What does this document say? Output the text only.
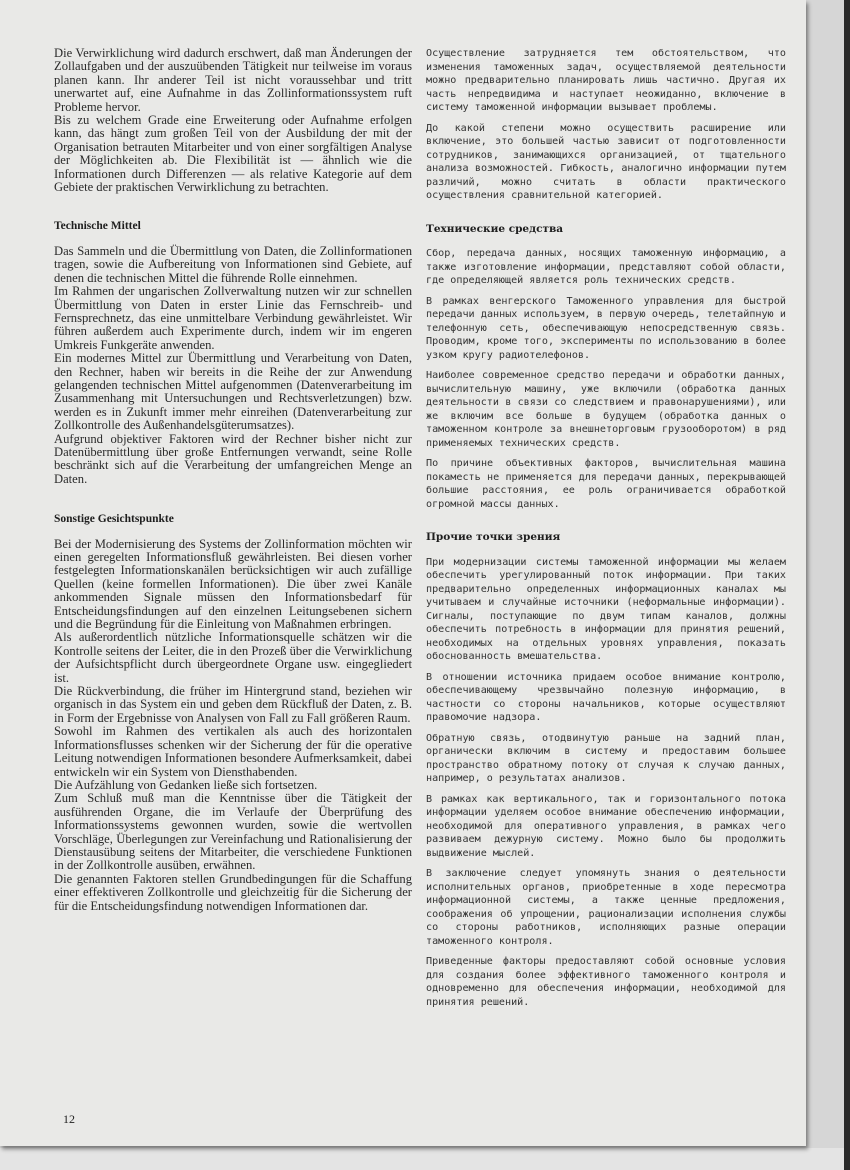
Die Verwirklichung wird dadurch erschwert, daß man Änderungen der Zollaufgaben und der auszuübenden Tätigkeit nur teilweise im voraus planen kann. Ihr anderer Teil ist nicht voraussehbar und tritt unerwartet auf, eine Aufnahme in das Zollinformationssystem ruft Probleme hervor.

Bis zu welchem Grade eine Erweiterung oder Aufnahme erfolgen kann, das hängt zum großen Teil von der Ausbildung der mit der Organisation betrauten Mitarbeiter und von einer sorgfältigen Analyse der Möglichkeiten ab. Die Flexibilität ist — ähnlich wie die Informationen durch Differenzen — als relative Kategorie auf dem Gebiete der praktischen Verwirklichung zu betrachten.

Technische Mittel

Das Sammeln und die Übermittlung von Daten, die Zollinformationen tragen, sowie die Aufbereitung von Informationen sind Gebiete, auf denen die technischen Mittel die führende Rolle einnehmen.

Im Rahmen der ungarischen Zollverwaltung nutzen wir zur schnellen Übermittlung von Daten in erster Linie das Fernschreib- und Fernsprechnetz, das eine unmittelbare Verbindung gewährleistet. Wir führen außerdem auch Experimente durch, indem wir im engeren Umkreis Funkgeräte anwenden.

Ein modernes Mittel zur Übermittlung und Verarbeitung von Daten, den Rechner, haben wir bereits in die Reihe der zur Anwendung gelangenden technischen Mittel aufgenommen (Datenverarbeitung im Zusammenhang mit Untersuchungen und Rechtsverletzungen) bzw. werden es in Zukunft immer mehr einreihen (Datenverarbeitung zur Zollkontrolle des Außenhandelsgüterumsatzes).

Aufgrund objektiver Faktoren wird der Rechner bisher nicht zur Datenübermittlung über große Entfernungen verwandt, seine Rolle beschränkt sich auf die Verarbeitung der umfangreichen Menge an Daten.

Sonstige Gesichtspunkte

Bei der Modernisierung des Systems der Zollinformation möchten wir einen geregelten Informationsfluß gewährleisten. Bei diesen vorher festgelegten Informationskanälen berücksichtigen wir auch zufällige Quellen (keine formellen Informationen). Die über zwei Kanäle ankommenden Signale müssen den Informationsbedarf für Entscheidungsfindungen auf den einzelnen Leitungsebenen sichern und die Begründung für die Einleitung von Maßnahmen erbringen.

Als außerordentlich nützliche Informationsquelle schätzen wir die Kontrolle seitens der Leiter, die in den Prozeß über die Verwirklichung der Aufsichtspflicht durch übergeordnete Organe usw. eingegliedert ist.

Die Rückverbindung, die früher im Hintergrund stand, beziehen wir organisch in das System ein und geben dem Rückfluß der Daten, z. B. in Form der Ergebnisse von Analysen von Fall zu Fall größeren Raum.

Sowohl im Rahmen des vertikalen als auch des horizontalen Informationsflusses schenken wir der Sicherung der für die operative Leitung notwendigen Informationen besondere Aufmerksamkeit, dabei entwickeln wir ein System von Diensthabenden.

Die Aufzählung von Gedanken ließe sich fortsetzen.

Zum Schluß muß man die Kenntnisse über die Tätigkeit der ausführenden Organe, die im Verlaufe der Überprüfung des Informationssystems gewonnen wurden, sowie die wertvollen Vorschläge, Überlegungen zur Vereinfachung und Rationalisierung der Dienstausübung seitens der Mitarbeiter, die verschiedene Funktionen in der Zollkontrolle ausüben, erwähnen.

Die genannten Faktoren stellen Grundbedingungen für die Schaffung einer effektiveren Zollkontrolle und gleichzeitig für die Sicherung der für die Entscheidungsfindung notwendigen Informationen dar.

Осуществление затрудняется тем обстоятельством, что изменения таможенных задач, осуществляемой деятельности можно предварительно планировать лишь частично. Другая их часть непредвидима и наступает неожиданно, включение в систему таможенной информации вызывает проблемы.

До какой степени можно осуществить расширение или включение, это большей частью зависит от подготовленности сотрудников, занимающихся организацией, от тщательного анализа возможностей. Гибкость, аналогично информации путем различий, можно считать в области практического осуществления сравнительной категорией.

Технические средства

Сбор, передача данных, носящих таможенную информацию, а также изготовление информации, представляют собой области, где определяющей является роль технических средств.

В рамках венгерского Таможенного управления для быстрой передачи данных используем, в первую очередь, телетайпную и телефонную сеть, обеспечивающую непосредственную связь. Проводим, кроме того, эксперименты по использованию в более узком кругу радиотелефонов.

Наиболее современное средство передачи и обработки данных, вычислительную машину, уже включили (обработка данных деятельности в связи со следствием и правонарушениями), или же включим все больше в будущем (обработка данных о таможенном контроле за внешнеторговым грузооборотом) в ряд применяемых технических средств.

По причине объективных факторов, вычислительная машина покаместь не применяется для передачи данных, перекрывающей большие расстояния, ее роль ограничивается обработкой огромной массы данных.

Прочие точки зрения

При модернизации системы таможенной информации мы желаем обеспечить урегулированный поток информации. При таких предварительно определенных информационных каналах мы учитываем и случайные источники (неформальные информации). Сигналы, поступающие по двум типам каналов, должны обеспечить потребность в информации для принятия решений, необходимых на отдельных уровнях управления, показать обоснованность вмешательства.

В отношении источника придаем особое внимание контролю, обеспечивающему чрезвычайно полезную информацию, в частности со стороны начальников, которые осуществляют правомочие надзора.

Обратную связь, отодвинутую раньше на задний план, органически включим в систему и предоставим большее пространство обратному потоку от случая к случаю данных, например, о результатах анализов.

В рамках как вертикального, так и горизонтального потока информации уделяем особое внимание обеспечению информации, необходимой для оперативного управления, в рамках чего развиваем дежурную систему. Можно было бы продолжить выдвижение мыслей.

В заключение следует упомянуть знания о деятельности исполнительных органов, приобретенные в ходе пересмотра информационной системы, а также ценные предложения, соображения об упрощении, рационализации исполнения службы со стороны работников, исполняющих разные операции таможенного контроля.

Приведенные факторы предоставляют собой основные условия для создания более эффективного таможенного контроля и одновременно для обеспечения информации, необходимой для принятия решений.

12
